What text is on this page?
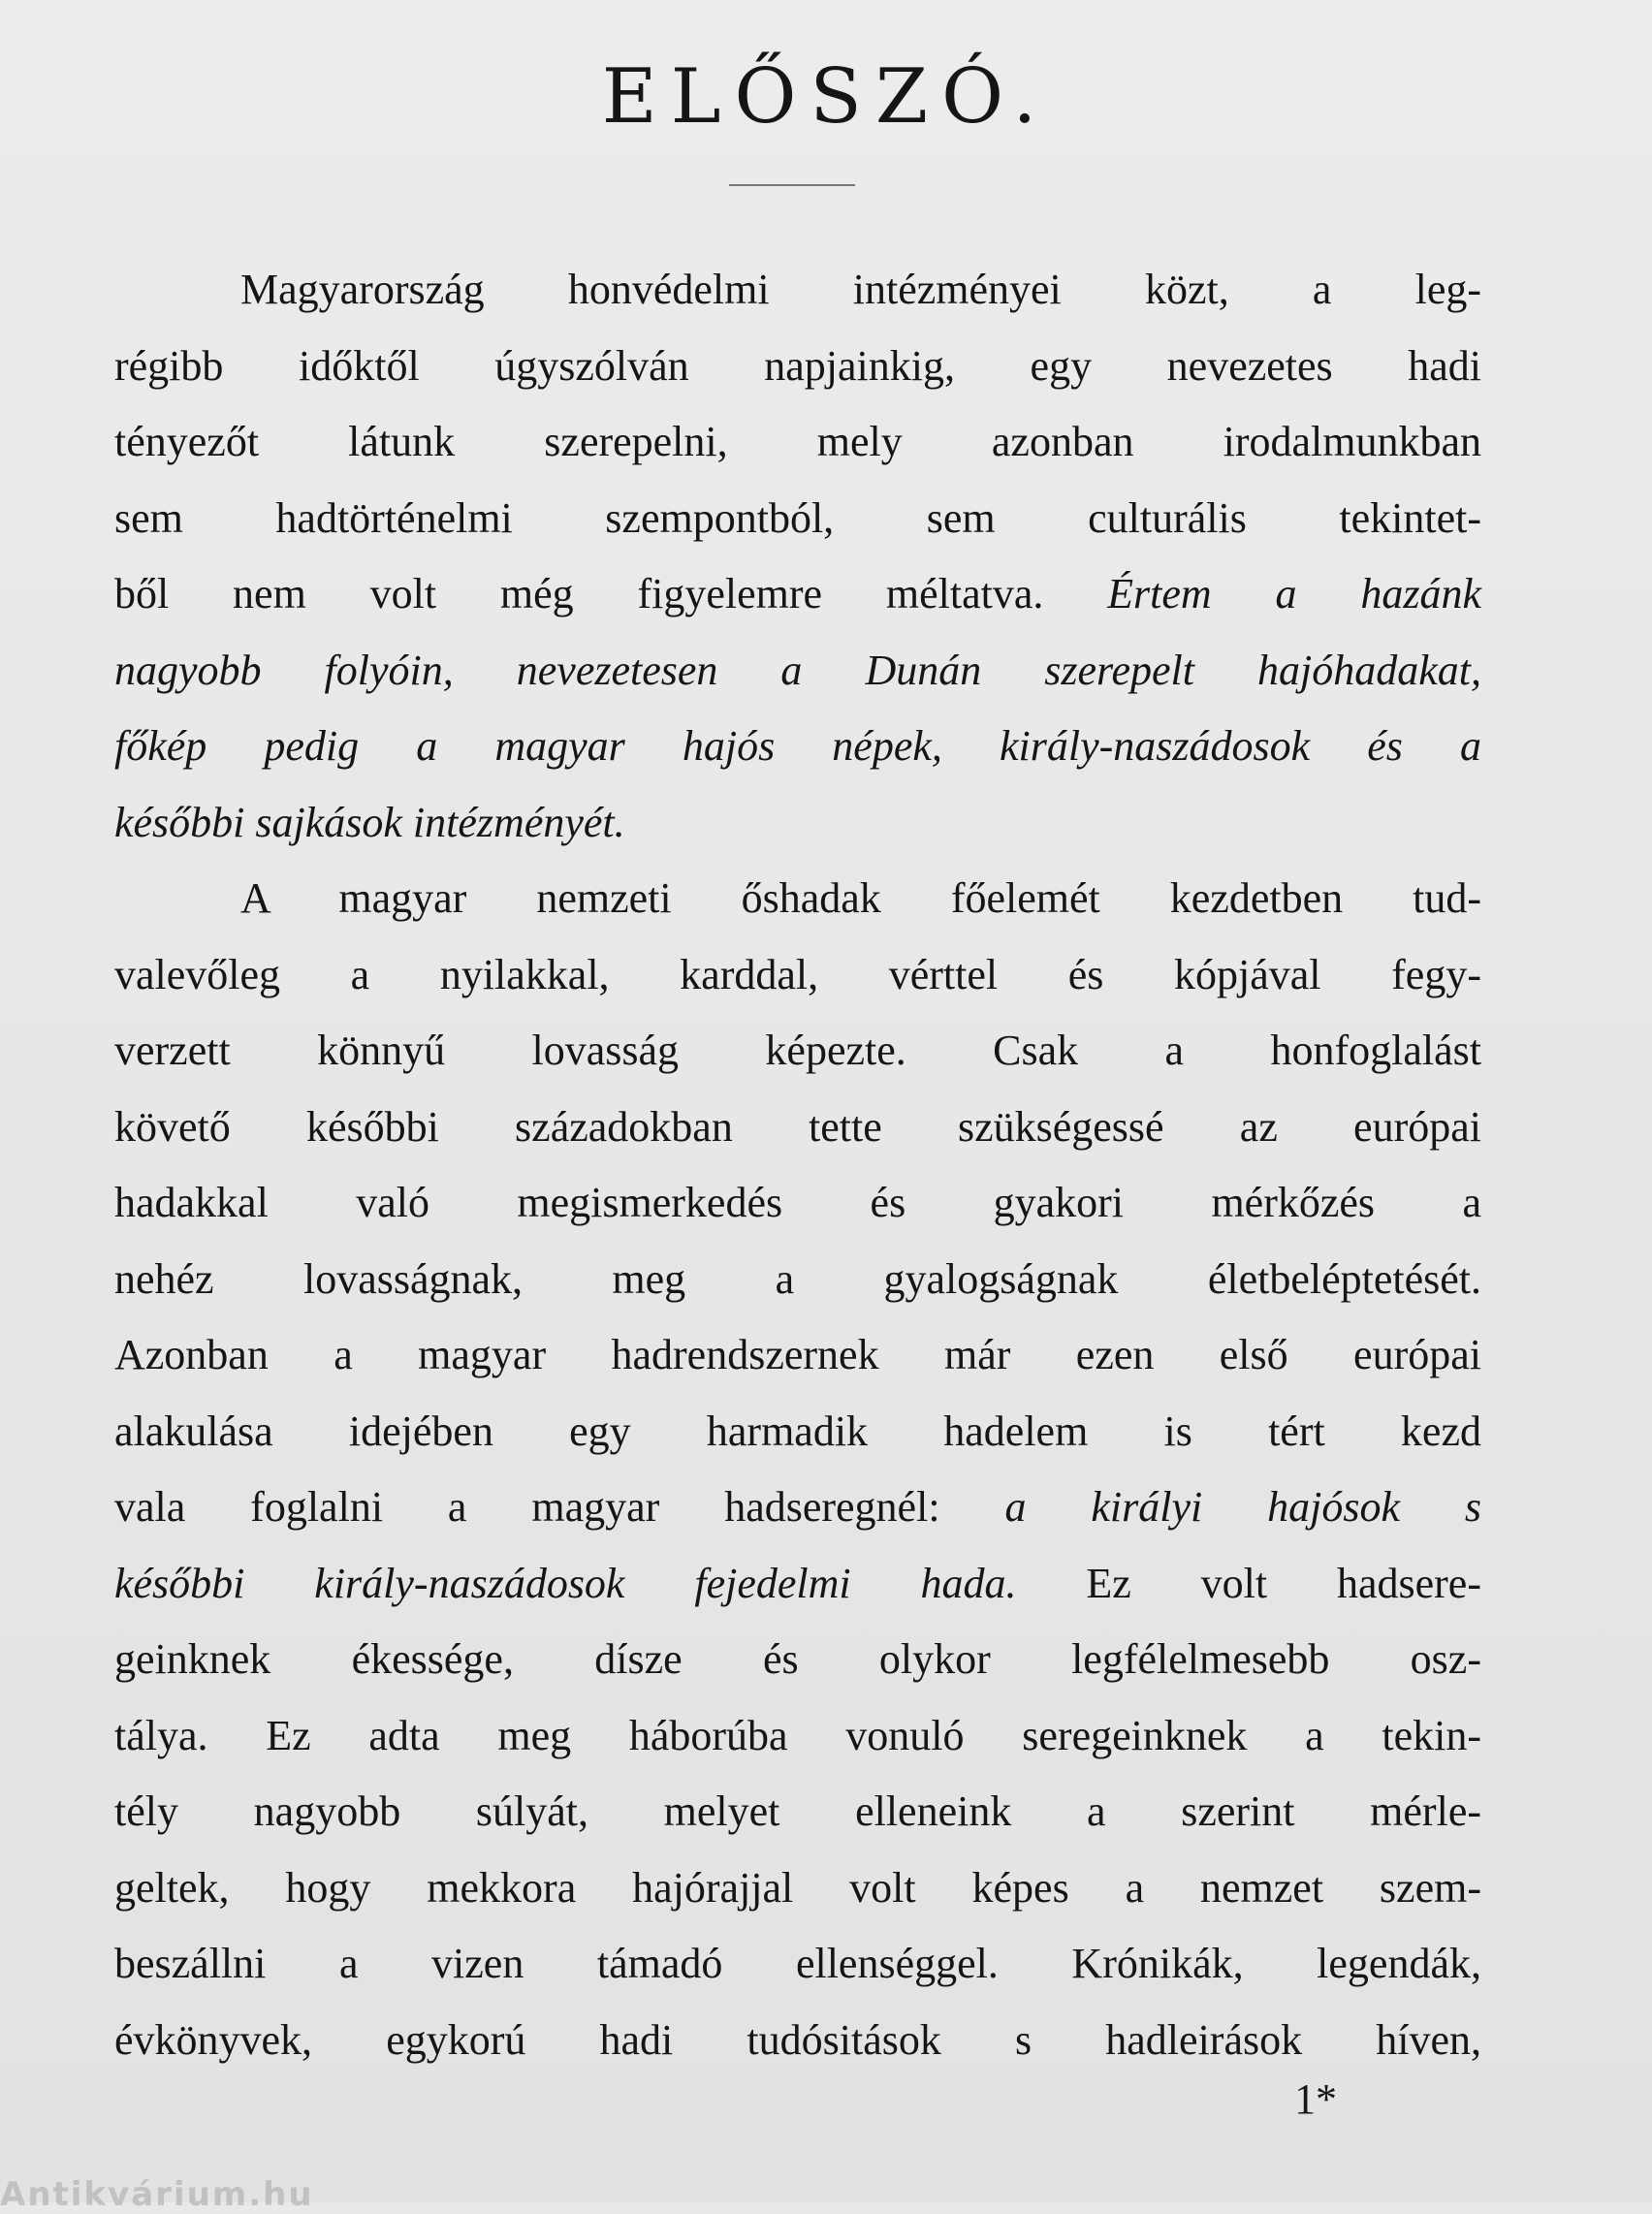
ELŐSZÓ.
Magyarország honvédelmi intézményei közt, a leg-
régibb időktől úgyszólván napjainkig, egy nevezetes hadi
tényezőt látunk szerepelni, mely azonban irodalmunkban
sem hadtörténelmi szempontból, sem culturális tekintet-
ből nem volt még figyelemre méltatva. Értem a hazánk
nagyobb folyóin, nevezetesen a Dunán szerepelt hajóhadakat,
főkép pedig a magyar hajós népek, király-naszádosok és a
későbbi sajkások intézményét.
A magyar nemzeti őshadak főelemét kezdetben tud-
valevőleg a nyilakkal, karddal, vérttel és kópjával fegy-
verzett könnyű lovasság képezte. Csak a honfoglalást
követő későbbi századokban tette szükségessé az európai
hadakkal való megismerkedés és gyakori mérkőzés a
nehéz lovasságnak, meg a gyalogságnak életbeléptetését.
Azonban a magyar hadrendszernek már ezen első európai
alakulása idejében egy harmadik hadelem is tért kezd
vala foglalni a magyar hadseregnél: a királyi hajósok s
későbbi király-naszádosok fejedelmi hada. Ez volt hadsere-
geinknek ékessége, dísze és olykor legfélelmesebb osz-
tálya. Ez adta meg háborúba vonuló seregeinknek a tekin-
tély nagyobb súlyát, melyet elleneink a szerint mérle-
geltek, hogy mekkora hajórajjal volt képes a nemzet szem-
beszállni a vizen támadó ellenséggel. Krónikák, legendák,
évkönyvek, egykorú hadi tudósitások s hadleirások híven,
1*
Antikvárium.hu
